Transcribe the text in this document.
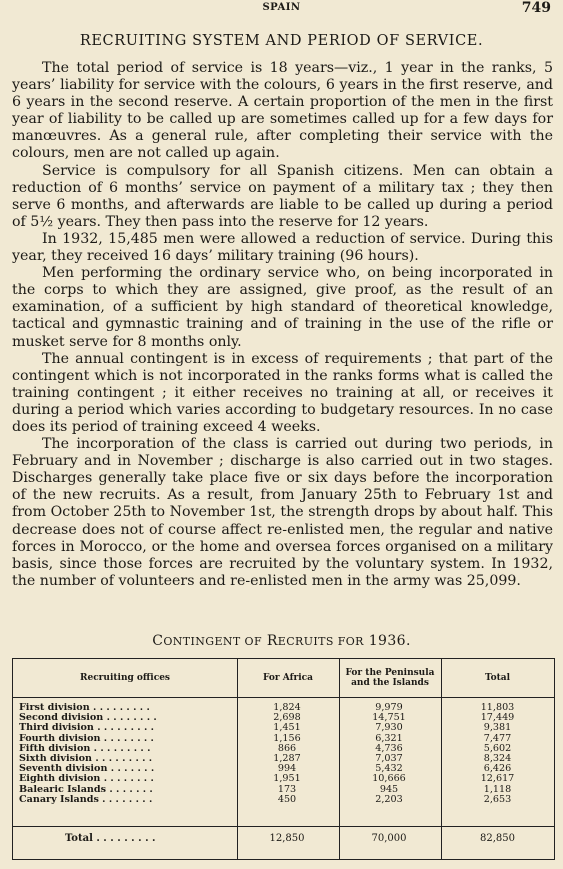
SPAIN	749
RECRUITING SYSTEM AND PERIOD OF SERVICE.

The total period of service is 18 years—viz., 1 year in the ranks, 5 years’ liability for service with the colours, 6 years in the first reserve, and 6 years in the second reserve. A certain proportion of the men in the first year of liability to be called up are sometimes called up for a few days for manœuvres. As a general rule, after completing their service with the colours, men are not called up again.

Service is compulsory for all Spanish citizens. Men can obtain a reduction of 6 months’ service on payment of a military tax ; they then serve 6 months, and afterwards are liable to be called up during a period of 5½ years. They then pass into the reserve for 12 years.

In 1932, 15,485 men were allowed a reduction of service. During this year, they received 16 days’ military training (96 hours).

Men performing the ordinary service who, on being incorporated in the corps to which they are assigned, give proof, as the result of an examination, of a sufficient by high standard of theoretical knowledge, tactical and gymnastic training and of training in the use of the rifle or musket serve for 8 months only.

The annual contingent is in excess of requirements ; that part of the contingent which is not incorporated in the ranks forms what is called the training contingent ; it either receives no training at all, or receives it during a period which varies according to budgetary resources. In no case does its period of training exceed 4 weeks.

The incorporation of the class is carried out during two periods, in February and in November ; discharge is also carried out in two stages. Discharges generally take place five or six days before the incorporation of the new recruits. As a result, from January 25th to February 1st and from October 25th to November 1st, the strength drops by about half. This decrease does not of course affect re-enlisted men, the regular and native forces in Morocco, or the home and oversea forces organised on a military basis, since those forces are recruited by the voluntary system. In 1932, the number of volunteers and re-enlisted men in the army was 25,099.

CONTINGENT OF RECRUITS FOR 1936.
Recruiting offices	For Africa	For the Peninsula and the Islands	Total
First division . . . . . . . . .	1,824	9,979	11,803
Second division . . . . . . . .	2,698	14,751	17,449
Third division . . . . . . . . .	1,451	7,930	9,381
Fourth division . . . . . . . .	1,156	6,321	7,477
Fifth division . . . . . . . . .	866	4,736	5,602
Sixth division . . . . . . . . .	1,287	7,037	8,324
Seventh division . . . . . . .	994	5,432	6,426
Eighth division . . . . . . . .	1,951	10,666	12,617
Balearic Islands . . . . . . .	173	945	1,118
Canary Islands . . . . . . . .	450	2,203	2,653
Total . . . . . . . . .	12,850	70,000	82,850
